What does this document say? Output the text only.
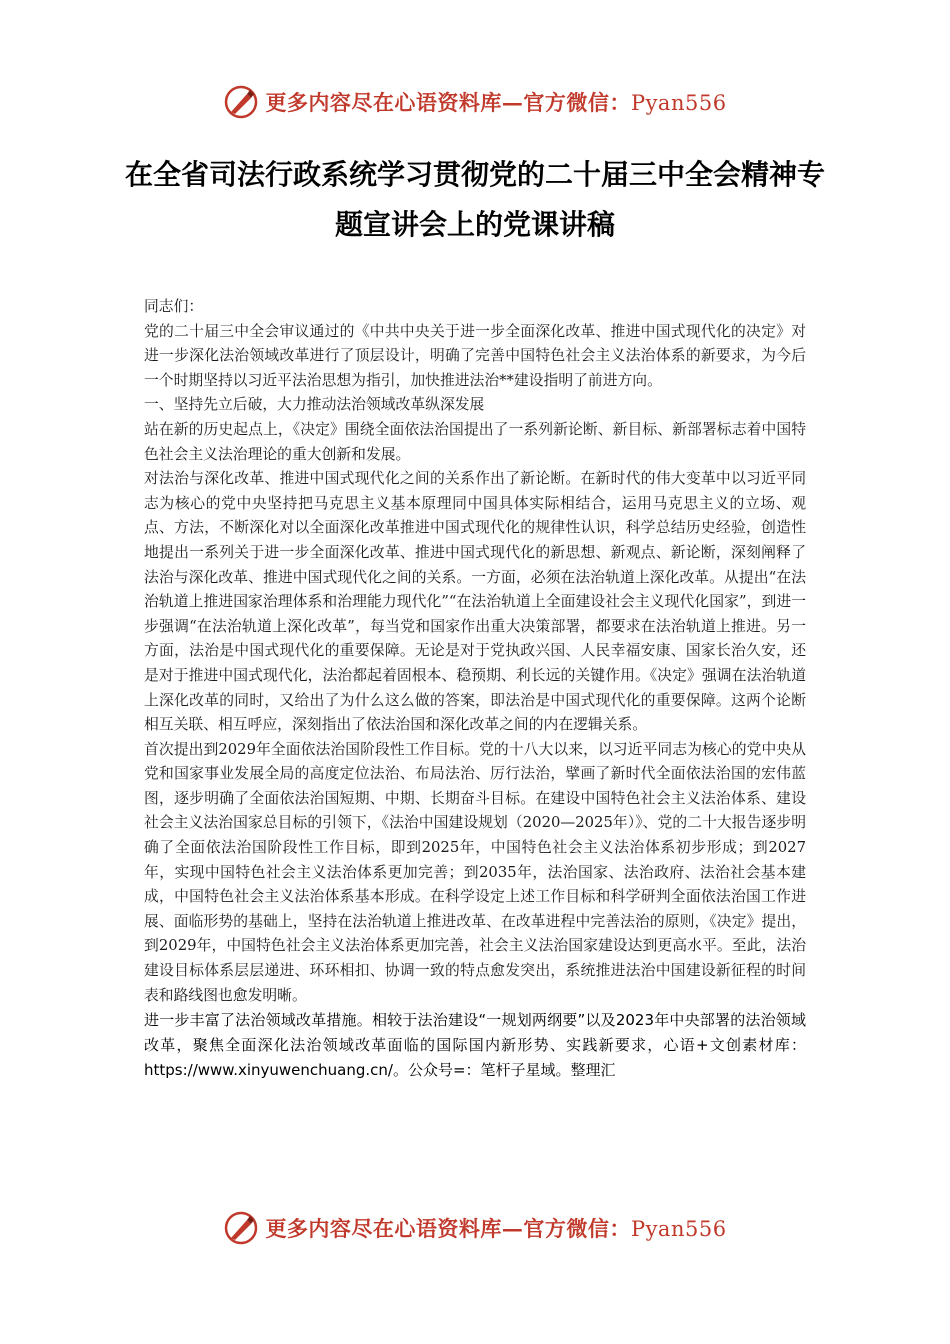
更多内容尽在心语资料库—官方微信：Pyan556
在全省司法行政系统学习贯彻党的二十届三中全会精神专题宣讲会上的党课讲稿

同志们：

党的二十届三中全会审议通过的《中共中央关于进一步全面深化改革、推进中国式现代化的决定》对进一步深化法治领域改革进行了顶层设计，明确了完善中国特色社会主义法治体系的新要求，为今后一个时期坚持以习近平法治思想为指引，加快推进法治**建设指明了前进方向。

一、坚持先立后破，大力推动法治领域改革纵深发展

站在新的历史起点上，《决定》围绕全面依法治国提出了一系列新论断、新目标、新部署标志着中国特色社会主义法治理论的重大创新和发展。

对法治与深化改革、推进中国式现代化之间的关系作出了新论断。在新时代的伟大变革中以习近平同志为核心的党中央坚持把马克思主义基本原理同中国具体实际相结合，运用马克思主义的立场、观点、方法，不断深化对以全面深化改革推进中国式现代化的规律性认识，科学总结历史经验，创造性地提出一系列关于进一步全面深化改革、推进中国式现代化的新思想、新观点、新论断，深刻阐释了法治与深化改革、推进中国式现代化之间的关系。一方面，必须在法治轨道上深化改革。从提出“在法治轨道上推进国家治理体系和治理能力现代化”“在法治轨道上全面建设社会主义现代化国家”，到进一步强调“在法治轨道上深化改革”，每当党和国家作出重大决策部署，都要求在法治轨道上推进。另一方面，法治是中国式现代化的重要保障。无论是对于党执政兴国、人民幸福安康、国家长治久安，还是对于推进中国式现代化，法治都起着固根本、稳预期、利长远的关键作用。《决定》强调在法治轨道上深化改革的同时，又给出了为什么这么做的答案，即法治是中国式现代化的重要保障。这两个论断相互关联、相互呼应，深刻指出了依法治国和深化改革之间的内在逻辑关系。

首次提出到2029年全面依法治国阶段性工作目标。党的十八大以来，以习近平同志为核心的党中央从党和国家事业发展全局的高度定位法治、布局法治、厉行法治，擘画了新时代全面依法治国的宏伟蓝图，逐步明确了全面依法治国短期、中期、长期奋斗目标。在建设中国特色社会主义法治体系、建设社会主义法治国家总目标的引领下，《法治中国建设规划（2020—2025年）》、党的二十大报告逐步明确了全面依法治国阶段性工作目标，即到2025年，中国特色社会主义法治体系初步形成；到2027年，实现中国特色社会主义法治体系更加完善；到2035年，法治国家、法治政府、法治社会基本建成，中国特色社会主义法治体系基本形成。在科学设定上述工作目标和科学研判全面依法治国工作进展、面临形势的基础上，坚持在法治轨道上推进改革、在改革进程中完善法治的原则，《决定》提出，到2029年，中国特色社会主义法治体系更加完善，社会主义法治国家建设达到更高水平。至此，法治建设目标体系层层递进、环环相扣、协调一致的特点愈发突出，系统推进法治中国建设新征程的时间表和路线图也愈发明晰。

进一步丰富了法治领域改革措施。相较于法治建设“一规划两纲要”以及2023年中央部署的法治领域改革，聚焦全面深化法治领域改革面临的国际国内新形势、实践新要求，心语+文创素材库：https://www.xinyuwenchuang.cn/。公众号=：笔杆子星域。整理汇

更多内容尽在心语资料库—官方微信：Pyan556
